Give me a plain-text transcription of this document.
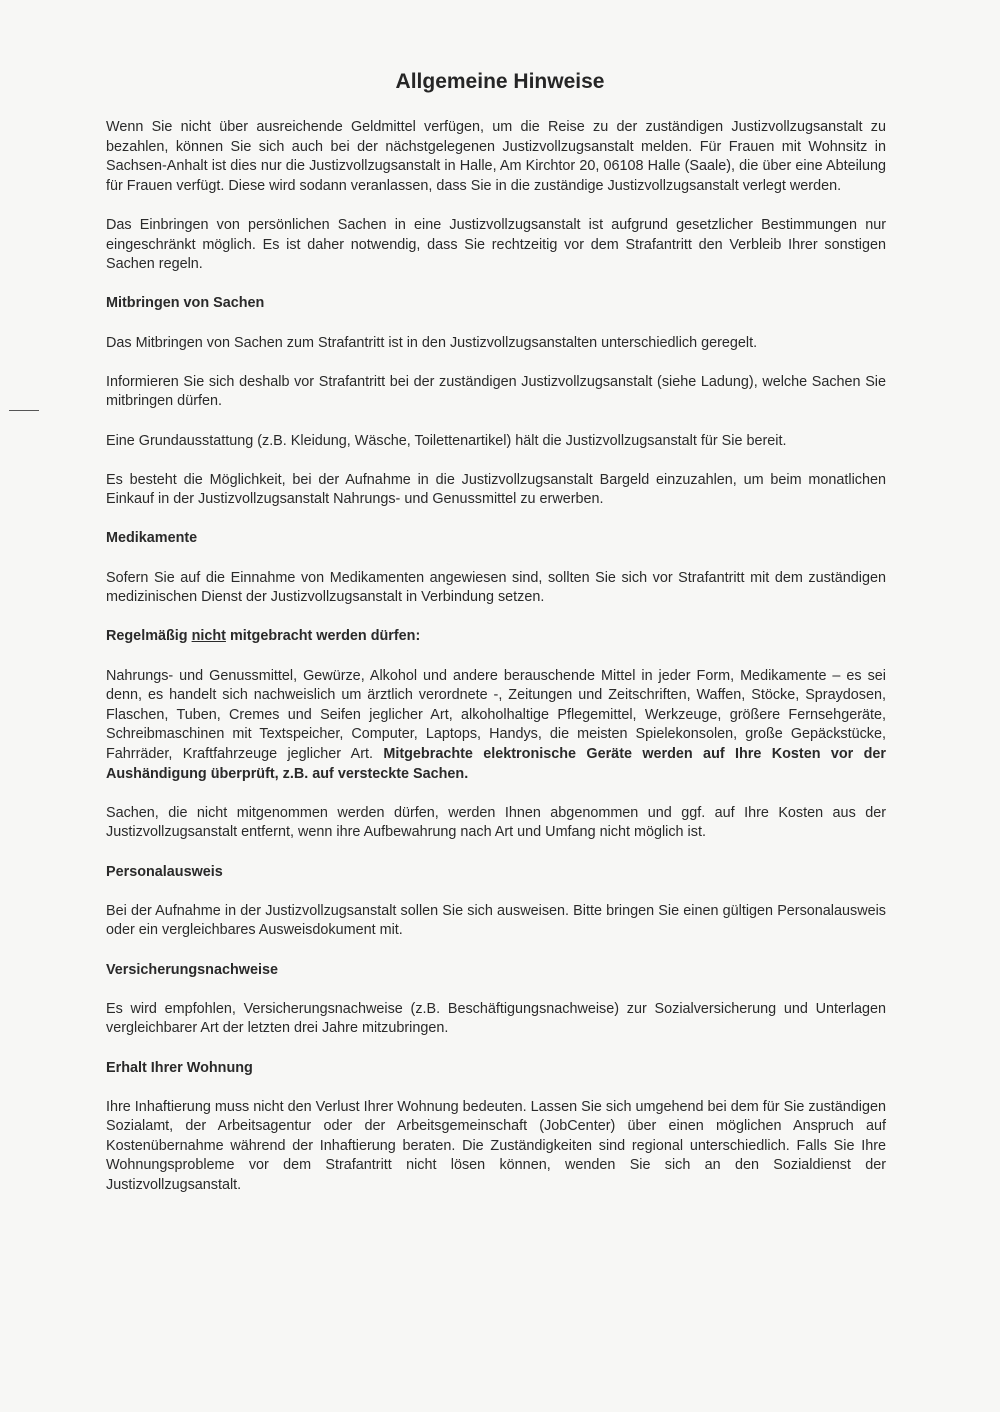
Allgemeine Hinweise

Wenn Sie nicht über ausreichende Geldmittel verfügen, um die Reise zu der zuständigen Justizvollzugsanstalt zu bezahlen, können Sie sich auch bei der nächstgelegenen Justizvollzugsanstalt melden. Für Frauen mit Wohnsitz in Sachsen-Anhalt ist dies nur die Justizvollzugsanstalt in Halle, Am Kirchtor 20, 06108 Halle (Saale), die über eine Abteilung für Frauen verfügt. Diese wird sodann veranlassen, dass Sie in die zuständige Justizvollzugsanstalt verlegt werden.

Das Einbringen von persönlichen Sachen in eine Justizvollzugsanstalt ist aufgrund gesetzlicher Bestimmungen nur eingeschränkt möglich. Es ist daher notwendig, dass Sie rechtzeitig vor dem Strafantritt den Verbleib Ihrer sonstigen Sachen regeln.

Mitbringen von Sachen

Das Mitbringen von Sachen zum Strafantritt ist in den Justizvollzugsanstalten unterschiedlich geregelt.

Informieren Sie sich deshalb vor Strafantritt bei der zuständigen Justizvollzugsanstalt (siehe Ladung), welche Sachen Sie mitbringen dürfen.

Eine Grundausstattung (z.B. Kleidung, Wäsche, Toilettenartikel) hält die Justizvollzugsanstalt für Sie bereit.

Es besteht die Möglichkeit, bei der Aufnahme in die Justizvollzugsanstalt Bargeld einzuzahlen, um beim monatlichen Einkauf in der Justizvollzugsanstalt Nahrungs- und Genussmittel zu erwerben.

Medikamente

Sofern Sie auf die Einnahme von Medikamenten angewiesen sind, sollten Sie sich vor Strafantritt mit dem zuständigen medizinischen Dienst der Justizvollzugsanstalt in Verbindung setzen.

Regelmäßig nicht mitgebracht werden dürfen:

Nahrungs- und Genussmittel, Gewürze, Alkohol und andere berauschende Mittel in jeder Form, Medikamente – es sei denn, es handelt sich nachweislich um ärztlich verordnete -, Zeitungen und Zeitschriften, Waffen, Stöcke, Spraydosen, Flaschen, Tuben, Cremes und Seifen jeglicher Art, alkoholhaltige Pflegemittel, Werkzeuge, größere Fernsehgeräte, Schreibmaschinen mit Textspeicher, Computer, Laptops, Handys, die meisten Spielekonsolen, große Gepäckstücke, Fahrräder, Kraftfahrzeuge jeglicher Art. Mitgebrachte elektronische Geräte werden auf Ihre Kosten vor der Aushändigung überprüft, z.B. auf versteckte Sachen.

Sachen, die nicht mitgenommen werden dürfen, werden Ihnen abgenommen und ggf. auf Ihre Kosten aus der Justizvollzugsanstalt entfernt, wenn ihre Aufbewahrung nach Art und Umfang nicht möglich ist.

Personalausweis

Bei der Aufnahme in der Justizvollzugsanstalt sollen Sie sich ausweisen. Bitte bringen Sie einen gültigen Personalausweis oder ein vergleichbares Ausweisdokument mit.

Versicherungsnachweise

Es wird empfohlen, Versicherungsnachweise (z.B. Beschäftigungsnachweise) zur Sozialversicherung und Unterlagen vergleichbarer Art der letzten drei Jahre mitzubringen.

Erhalt Ihrer Wohnung

Ihre Inhaftierung muss nicht den Verlust Ihrer Wohnung bedeuten. Lassen Sie sich umgehend bei dem für Sie zuständigen Sozialamt, der Arbeitsagentur oder der Arbeitsgemeinschaft (JobCenter) über einen möglichen Anspruch auf Kostenübernahme während der Inhaftierung beraten. Die Zuständigkeiten sind regional unterschiedlich. Falls Sie Ihre Wohnungsprobleme vor dem Strafantritt nicht lösen können, wenden Sie sich an den Sozialdienst der Justizvollzugsanstalt.
